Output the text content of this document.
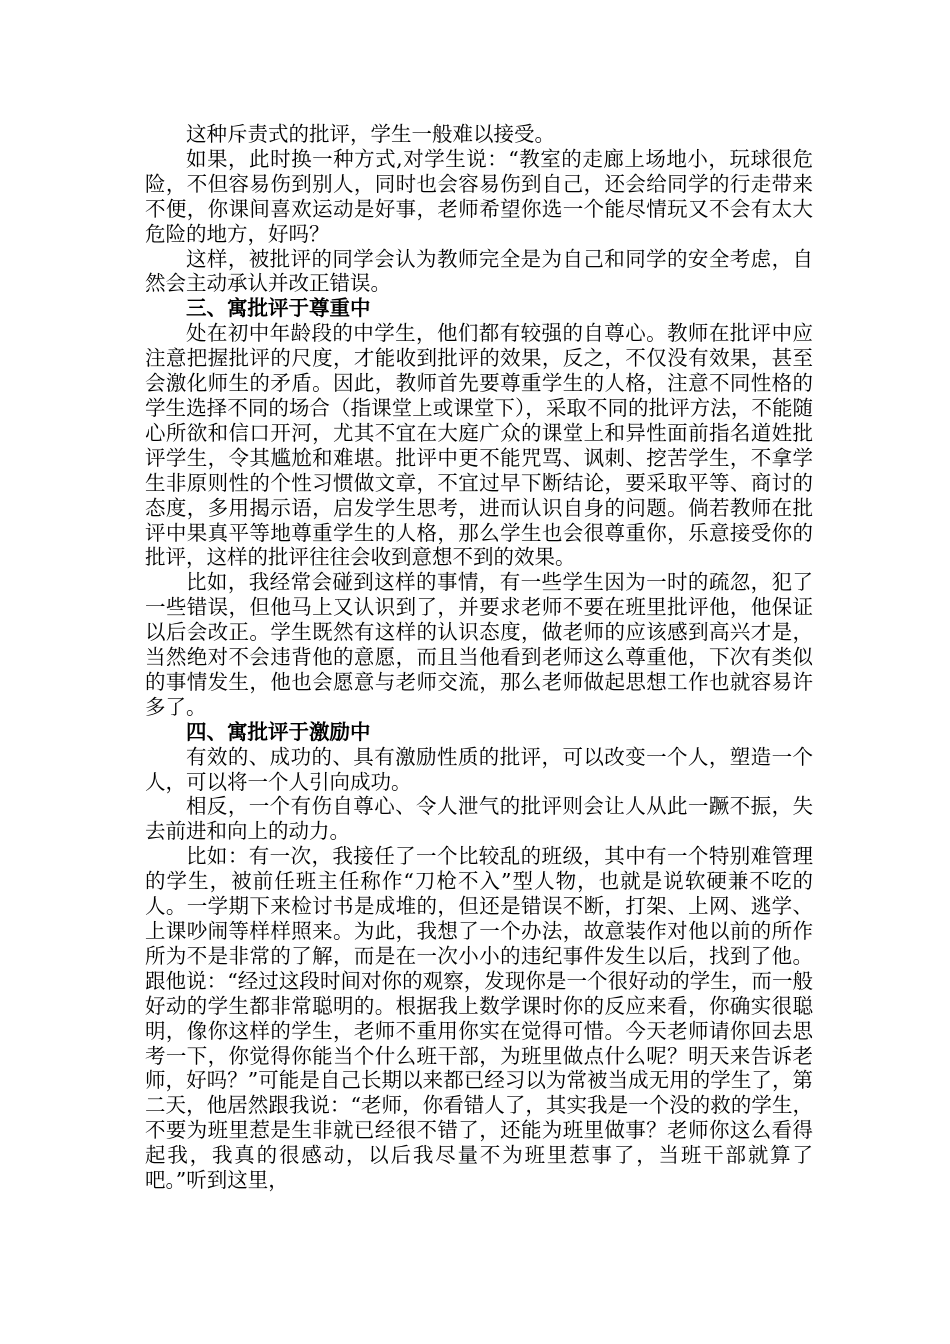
这种斥责式的批评，学生一般难以接受。

如果，此时换一种方式,对学生说：“教室的走廊上场地小，玩球很危险，不但容易伤到别人，同时也会容易伤到自己，还会给同学的行走带来不便，你课间喜欢运动是好事，老师希望你选一个能尽情玩又不会有太大危险的地方，好吗？

这样，被批评的同学会认为教师完全是为自己和同学的安全考虑，自然会主动承认并改正错误。

三、寓批评于尊重中

处在初中年龄段的中学生，他们都有较强的自尊心。教师在批评中应注意把握批评的尺度，才能收到批评的效果，反之，不仅没有效果，甚至会激化师生的矛盾。因此，教师首先要尊重学生的人格，注意不同性格的学生选择不同的场合（指课堂上或课堂下），采取不同的批评方法，不能随心所欲和信口开河，尤其不宜在大庭广众的课堂上和异性面前指名道姓批评学生，令其尴尬和难堪。批评中更不能咒骂、讽刺、挖苦学生，不拿学生非原则性的个性习惯做文章，不宜过早下断结论，要采取平等、商讨的态度，多用揭示语，启发学生思考，进而认识自身的问题。倘若教师在批评中果真平等地尊重学生的人格，那么学生也会很尊重你，乐意接受你的批评，这样的批评往往会收到意想不到的效果。

比如，我经常会碰到这样的事情，有一些学生因为一时的疏忽，犯了一些错误，但他马上又认识到了，并要求老师不要在班里批评他，他保证以后会改正。学生既然有这样的认识态度，做老师的应该感到高兴才是，当然绝对不会违背他的意愿，而且当他看到老师这么尊重他，下次有类似的事情发生，他也会愿意与老师交流，那么老师做起思想工作也就容易许多了。

四、寓批评于激励中

有效的、成功的、具有激励性质的批评，可以改变一个人，塑造一个人，可以将一个人引向成功。

相反，一个有伤自尊心、令人泄气的批评则会让人从此一蹶不振，失去前进和向上的动力。

比如：有一次，我接任了一个比较乱的班级，其中有一个特别难管理的学生，被前任班主任称作“刀枪不入”型人物，也就是说软硬兼不吃的人。一学期下来检讨书是成堆的，但还是错误不断，打架、上网、逃学、上课吵闹等样样照来。为此，我想了一个办法，故意装作对他以前的所作所为不是非常的了解，而是在一次小小的违纪事件发生以后，找到了他。跟他说：“经过这段时间对你的观察，发现你是一个很好动的学生，而一般好动的学生都非常聪明的。根据我上数学课时你的反应来看，你确实很聪明，像你这样的学生，老师不重用你实在觉得可惜。今天老师请你回去思考一下，你觉得你能当个什么班干部，为班里做点什么呢？明天来告诉老师，好吗？”可能是自己长期以来都已经习以为常被当成无用的学生了，第二天，他居然跟我说：“老师，你看错人了，其实我是一个没的救的学生，不要为班里惹是生非就已经很不错了，还能为班里做事？老师你这么看得起我，我真的很感动，以后我尽量不为班里惹事了，当班干部就算了吧。”听到这里，
